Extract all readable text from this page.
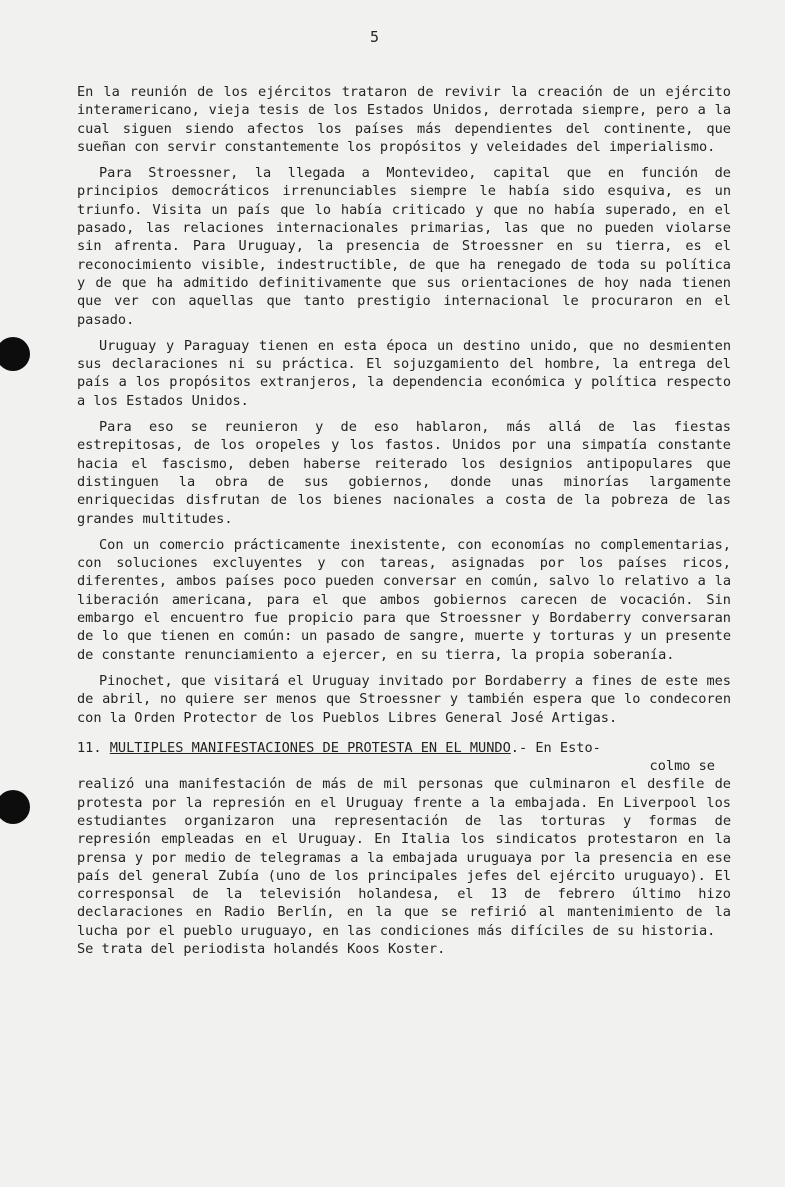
5

En la reunión de los ejércitos trataron de revivir la creación de un ejército interamericano, vieja tesis de los Estados Unidos, derrotada siempre, pero a la cual siguen siendo afectos los países más dependientes del continente, que sueñan con servir constantemente los propósitos y veleidades del imperialismo.

Para Stroessner, la llegada a Montevideo, capital que en función de principios democráticos irrenunciables siempre le había sido esquiva, es un triunfo. Visita un país que lo había criticado y que no había superado, en el pasado, las relaciones internacionales primarias, las que no pueden violarse sin afrenta. Para Uruguay, la presencia de Stroessner en su tierra, es el reconocimiento visible, indestructible, de que ha renegado de toda su política y de que ha admitido definitivamente que sus orientaciones de hoy nada tienen que ver con aquellas que tanto prestigio internacional le procuraron en el pasado.

Uruguay y Paraguay tienen en esta época un destino unido, que no desmienten sus declaraciones ni su práctica. El sojuzgamiento del hombre, la entrega del país a los propósitos extranjeros, la dependencia económica y política respecto a los Estados Unidos.

Para eso se reunieron y de eso hablaron, más allá de las fiestas estrepitosas, de los oropeles y los fastos. Unidos por una simpatía constante hacia el fascismo, deben haberse reiterado los designios antipopulares que distinguen la obra de sus gobiernos, donde unas minorías largamente enriquecidas disfrutan de los bienes nacionales a costa de la pobreza de las grandes multitudes.

Con un comercio prácticamente inexistente, con economías no complementarias, con soluciones excluyentes y con tareas, asignadas por los países ricos, diferentes, ambos países poco pueden conversar en común, salvo lo relativo a la liberación americana, para el que ambos gobiernos carecen de vocación. Sin embargo el encuentro fue propicio para que Stroessner y Bordaberry conversaran de lo que tienen en común: un pasado de sangre, muerte y torturas y un presente de constante renunciamiento a ejercer, en su tierra, la propia soberanía.

Pinochet, que visitará el Uruguay invitado por Bordaberry a fines de este mes de abril, no quiere ser menos que Stroessner y también espera que lo condecoren con la Orden Protector de los Pueblos Libres General José Artigas.

11. MULTIPLES MANIFESTACIONES DE PROTESTA EN EL MUNDO.- En Esto-
colmo se

realizó una manifestación de más de mil personas que culminaron el desfile de protesta por la represión en el Uruguay frente a la embajada. En Liverpool los estudiantes organizaron una representación de las torturas y formas de represión empleadas en el Uruguay. En Italia los sindicatos protestaron en la prensa y por medio de telegramas a la embajada uruguaya por la presencia en ese país del general Zubía (uno de los principales jefes del ejército uruguayo). El corresponsal de la televisión holandesa, el 13 de febrero último hizo declaraciones en Radio Berlín, en la que se refirió al mantenimiento de la lucha por el pueblo uruguayo, en las condiciones más difíciles de su historia.

Se trata del periodista holandés Koos Koster.
